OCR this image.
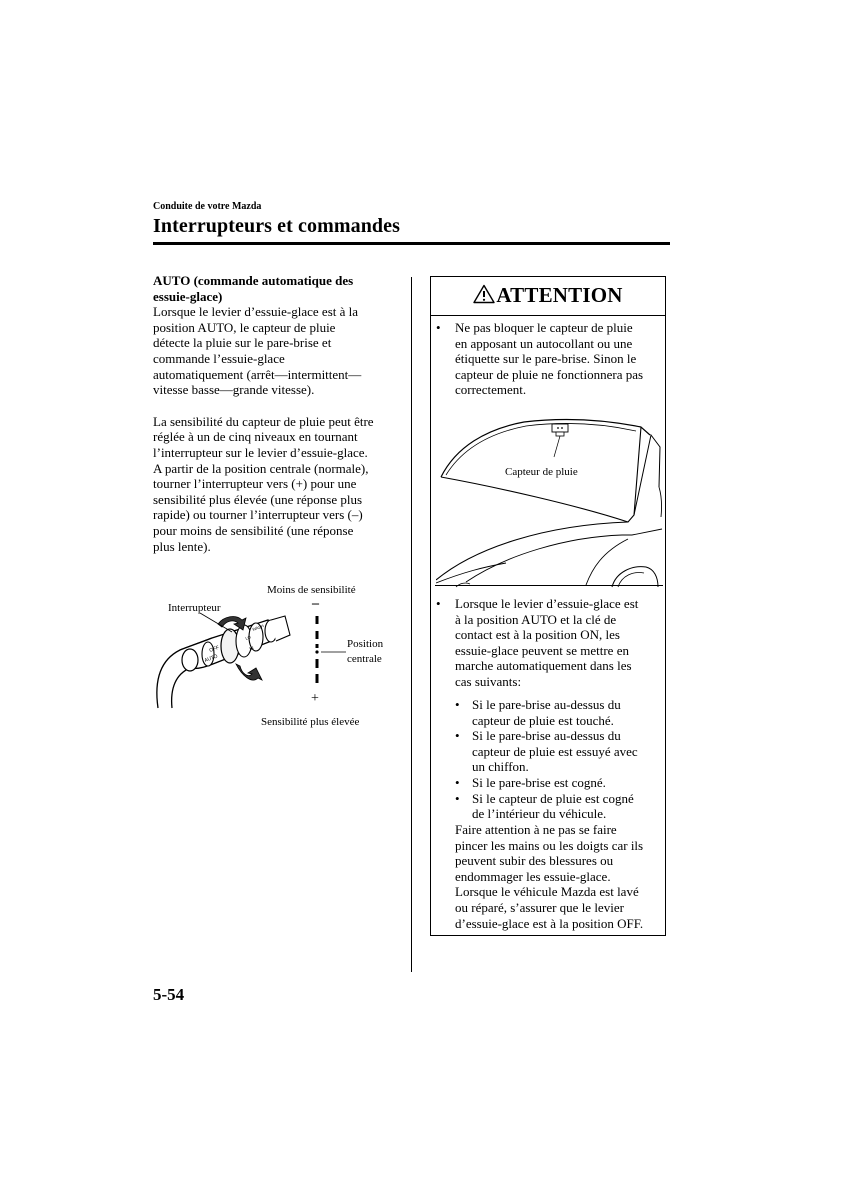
Conduite de votre Mazda
Interrupteurs et commandes

AUTO (commande automatique des
essuie-glace)

Lorsque le levier d’essuie-glace est à la
position AUTO, le capteur de pluie
détecte la pluie sur le pare-brise et
commande l’essuie-glace
automatiquement (arrêt—intermittent—
vitesse basse—grande vitesse).

La sensibilité du capteur de pluie peut être
réglée à un de cinq niveaux en tournant
l’interrupteur sur le levier d’essuie-glace.
A partir de la position centrale (normale),
tourner l’interrupteur vers (+) pour une
sensibilité plus élevée (une réponse plus
rapide) ou tourner l’interrupteur vers (–)
pour moins de sensibilité (une réponse
plus lente).

AUTO
OFF
LO
HI
WASH
Moins de sensibilité
Interrupteur	–
Position
centrale
+
Sensibilité plus élevée
ATTENTION
• Ne pas bloquer le capteur de pluie
en apposant un autocollant ou une
étiquette sur le pare-brise. Sinon le
capteur de pluie ne fonctionnera pas
correctement.
Capteur de pluie
• Lorsque le levier d’essuie-glace est
à la position AUTO et la clé de
contact est à la position ON, les
essuie-glace peuvent se mettre en
marche automatiquement dans les
cas suivants:
• Si le pare-brise au-dessus du
capteur de pluie est touché.
• Si le pare-brise au-dessus du
capteur de pluie est essuyé avec
un chiffon.
• Si le pare-brise est cogné.
• Si le capteur de pluie est cogné
de l’intérieur du véhicule.
Faire attention à ne pas se faire
pincer les mains ou les doigts car ils
peuvent subir des blessures ou
endommager les essuie-glace.
Lorsque le véhicule Mazda est lavé
ou réparé, s’assurer que le levier
d’essuie-glace est à la position OFF.
5-54
